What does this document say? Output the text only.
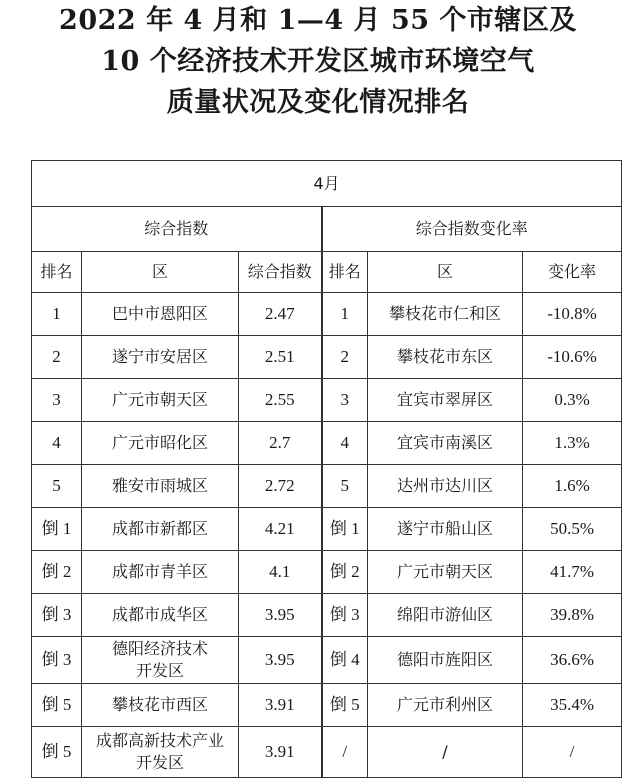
2022 年 4 月和 1—4 月 55 个市辖区及
10 个经济技术开发区城市环境空气
质量状况及变化情况排名
4月					
综合指数			综合指数变化率		
排名	区	综合指数	排名	区	变化率
1	巴中市恩阳区	2.47	1	攀枝花市仁和区	-10.8%
2	遂宁市安居区	2.51	2	攀枝花市东区	-10.6%
3	广元市朝天区	2.55	3	宜宾市翠屏区	0.3%
4	广元市昭化区	2.7	4	宜宾市南溪区	1.3%
5	雅安市雨城区	2.72	5	达州市达川区	1.6%
倒 1	成都市新都区	4.21	倒 1	遂宁市船山区	50.5%
倒 2	成都市青羊区	4.1	倒 2	广元市朝天区	41.7%
倒 3	成都市成华区	3.95	倒 3	绵阳市游仙区	39.8%
倒 3	德阳经济技术
开发区	3.95	倒 4	德阳市旌阳区	36.6%
倒 5	攀枝花市西区	3.91	倒 5	广元市利州区	35.4%
倒 5	成都高新技术产业
开发区	3.91	/	/	/
